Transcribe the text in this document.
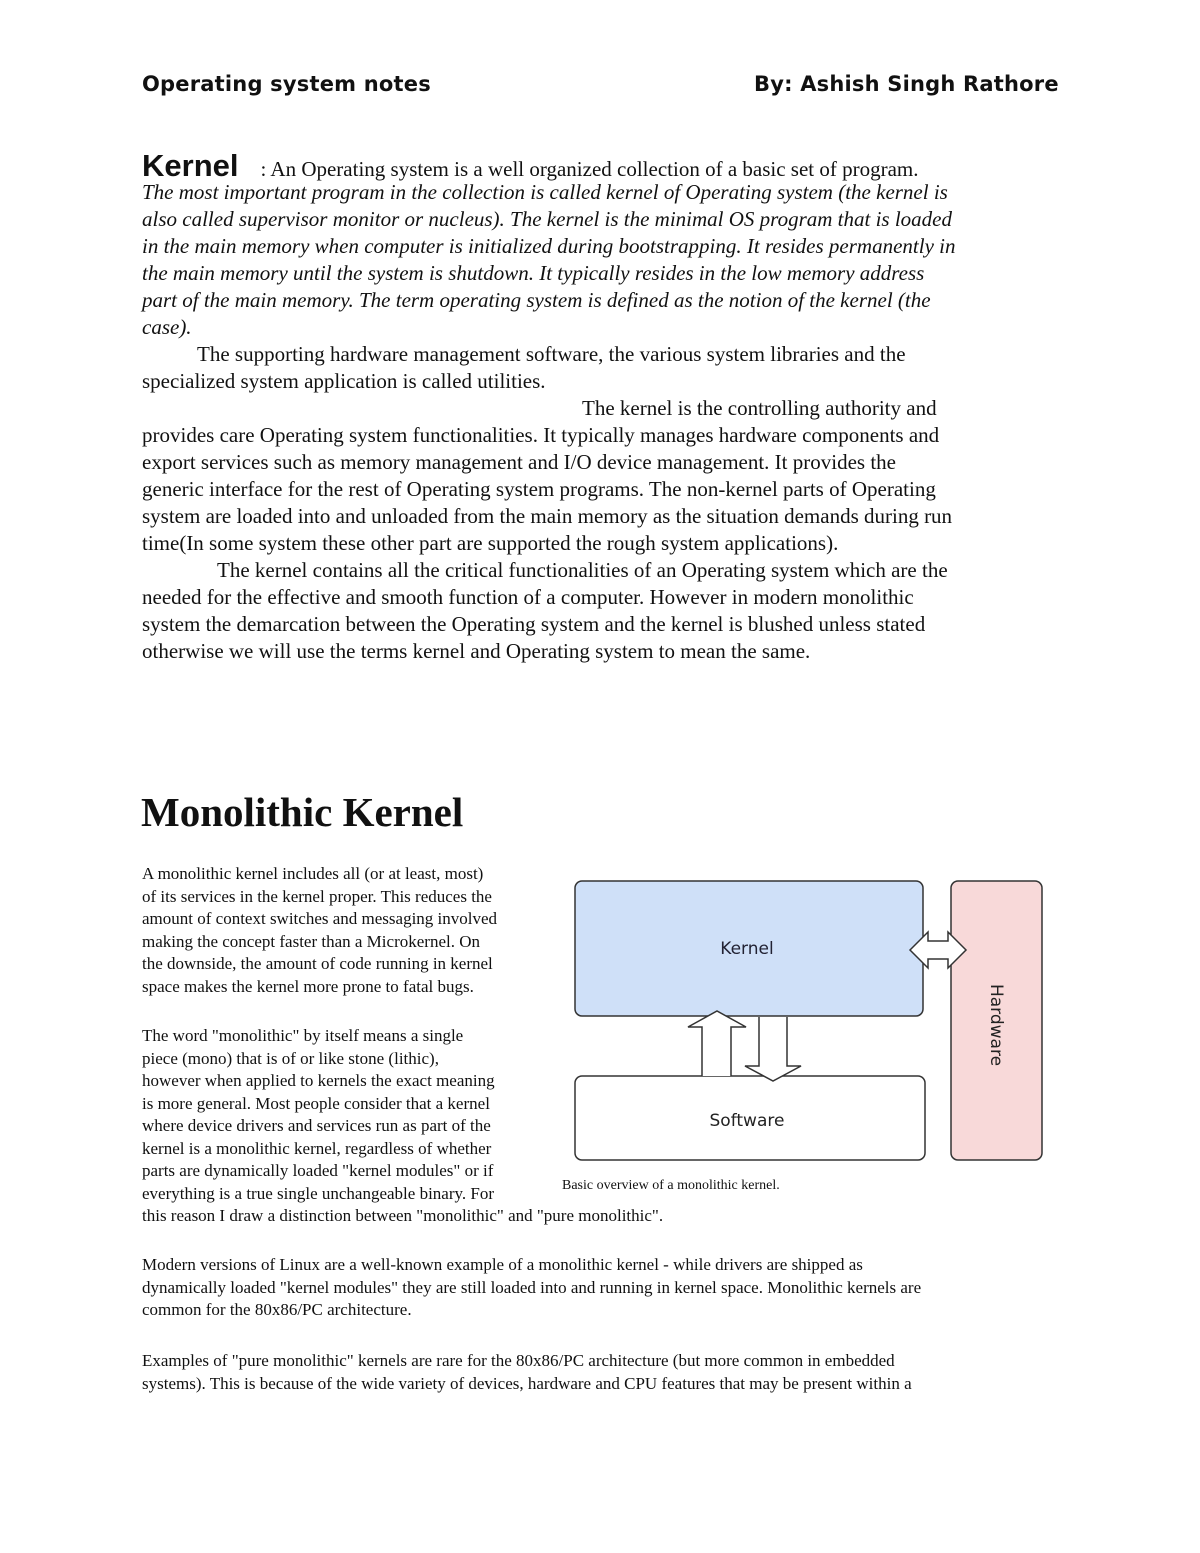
Operating system notes	By: Ashish Singh Rathore
Kernel : An Operating system is a well organized collection of a basic set of program.
The most important program in the collection is called kernel of Operating system (the kernel is
also called supervisor monitor or nucleus). The kernel is the minimal OS program that is loaded
in the main memory when computer is initialized during bootstrapping. It resides permanently in
the main memory until the system is shutdown. It typically resides in the low memory address
part of the main memory. The term operating system is defined as the notion of the kernel (the
case).
The supporting hardware management software, the various system libraries and the
specialized system application is called utilities.
The kernel is the controlling authority and
provides care Operating system functionalities. It typically manages hardware components and
export services such as memory management and I/O device management. It provides the
generic interface for the rest of Operating system programs. The non-kernel parts of Operating
system are loaded into and unloaded from the main memory as the situation demands during run
time(In some system these other part are supported the rough system applications).
The kernel contains all the critical functionalities of an Operating system which are the
needed for the effective and smooth function of a computer. However in modern monolithic
system the demarcation between the Operating system and the kernel is blushed unless stated
otherwise we will use the terms kernel and Operating system to mean the same.
Monolithic Kernel
A monolithic kernel includes all (or at least, most)
of its services in the kernel proper. This reduces the
amount of context switches and messaging involved
making the concept faster than a Microkernel. On
the downside, the amount of code running in kernel
space makes the kernel more prone to fatal bugs.
The word "monolithic" by itself means a single
piece (mono) that is of or like stone (lithic),
however when applied to kernels the exact meaning
is more general. Most people consider that a kernel
where device drivers and services run as part of the
kernel is a monolithic kernel, regardless of whether
parts are dynamically loaded "kernel modules" or if
everything is a true single unchangeable binary. For
this reason I draw a distinction between "monolithic" and "pure monolithic".
Modern versions of Linux are a well-known example of a monolithic kernel - while drivers are shipped as
dynamically loaded "kernel modules" they are still loaded into and running in kernel space. Monolithic kernels are
common for the 80x86/PC architecture.
Examples of "pure monolithic" kernels are rare for the 80x86/PC architecture (but more common in embedded
systems). This is because of the wide variety of devices, hardware and CPU features that may be present within a
Kernel
Hardware
Software
Basic overview of a monolithic kernel.
